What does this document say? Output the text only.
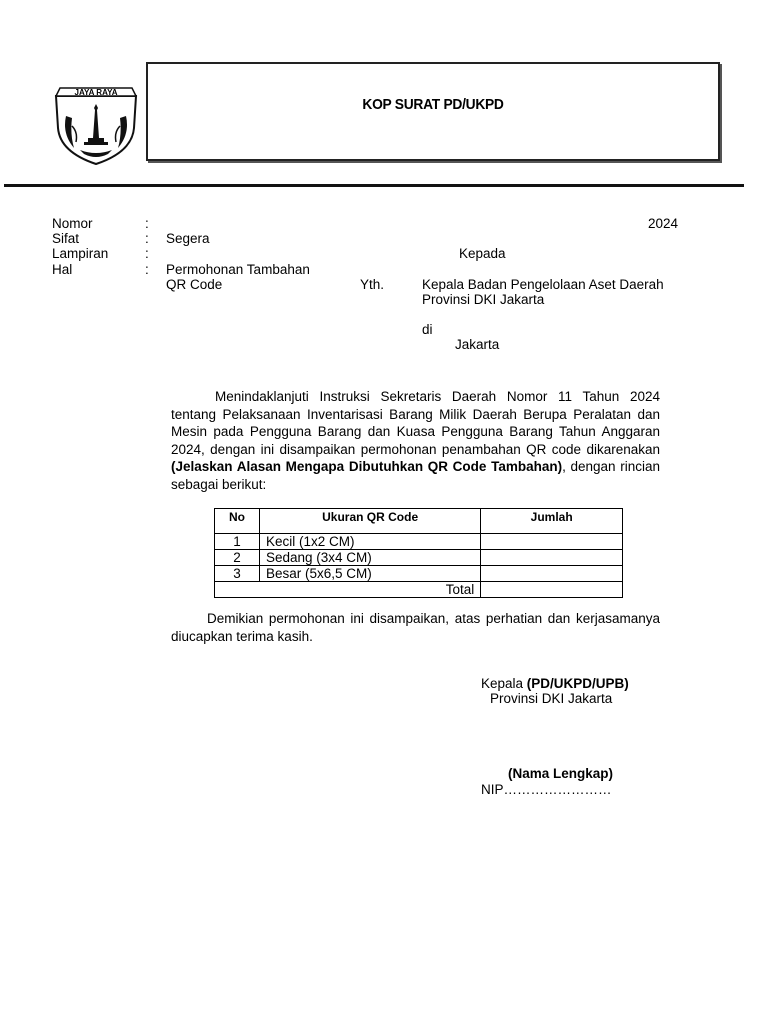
JAYA RAYA
KOP SURAT PD/UKPD
Nomor	:	2024
Sifat	: Segera
Lampiran	:	Kepada
Hal	: Permohonan Tambahan
QR Code	Yth.	Kepala Badan Pengelolaan Aset Daerah
Provinsi DKI Jakarta
di
Jakarta
Menindaklanjuti Instruksi Sekretaris Daerah Nomor 11 Tahun 2024 tentang Pelaksanaan Inventarisasi Barang Milik Daerah Berupa Peralatan dan Mesin pada Pengguna Barang dan Kuasa Pengguna Barang Tahun Anggaran 2024, dengan ini disampaikan permohonan penambahan QR code dikarenakan (Jelaskan Alasan Mengapa Dibutuhkan QR Code Tambahan), dengan rincian sebagai berikut:
No	Ukuran QR Code	Jumlah
1	Kecil (1x2 CM)	
2	Sedang (3x4 CM)	
3	Besar (5x6,5 CM)	
Total		
Demikian permohonan ini disampaikan, atas perhatian dan kerjasamanya diucapkan terima kasih.
Kepala (PD/UKPD/UPB)
Provinsi DKI Jakarta
(Nama Lengkap)
NIP……………………
